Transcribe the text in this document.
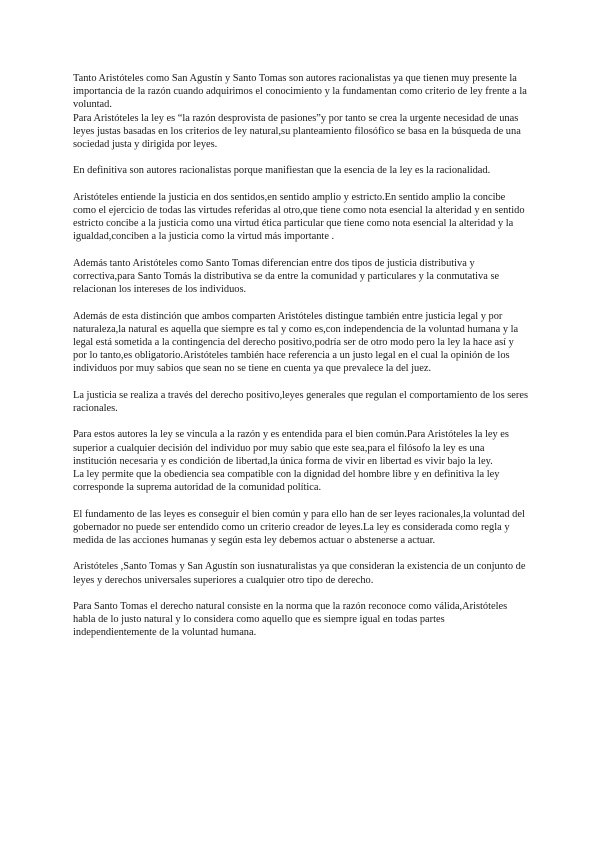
Tanto Aristóteles como San Agustín y Santo Tomas son autores racionalistas ya que tienen muy presente la importancia de la razón cuando adquirimos el conocimiento y la fundamentan como criterio de ley frente a la voluntad.

Para Aristóteles la ley es “la razón desprovista de pasiones”y por tanto se crea la urgente necesidad de unas leyes justas basadas en los criterios de ley natural,su planteamiento filosófico se basa en la búsqueda de una sociedad justa y dirigida por leyes.

En definitiva son autores racionalistas porque manifiestan que la esencia de la ley es la racionalidad.

Aristóteles entiende la justicia en dos sentidos,en sentido amplio y estricto.En sentido amplio la concibe como el ejercicio de todas las virtudes referidas al otro,que tiene como nota esencial la alteridad y en sentido estricto concibe a la justicia como una virtud ética particular que tiene como nota esencial la alteridad y la igualdad,conciben a la justicia como la virtud más importante .

Además tanto Aristóteles como Santo Tomas diferencian entre dos tipos de justicia distributiva y correctiva,para Santo Tomás la distributiva se da entre la comunidad y particulares y la conmutativa se relacionan los intereses de los individuos.

Además de esta distinción que ambos comparten Aristóteles distingue también entre justicia legal y por naturaleza,la natural es aquella que siempre es tal y como es,con independencia de la voluntad humana y la legal está sometida a la contingencia del derecho positivo,podría ser de otro modo pero la ley la hace así y por lo tanto,es obligatorio.Aristóteles también hace referencia a un justo legal en el cual la opinión de los individuos por muy sabios que sean no se tiene en cuenta ya que prevalece la del juez.

La justicia se realiza a través del derecho positivo,leyes generales que regulan el comportamiento de los seres racionales.

Para estos autores la ley se vincula a la razón y es entendida para el bien común.Para Aristóteles la ley es superior a cualquier decisión del individuo por muy sabio que este sea,para el filósofo la ley es una institución necesaria y es condición de libertad,la única forma de vivir en libertad es vivir bajo la ley.

La ley permite que la obediencia sea compatible con la dignidad del hombre libre y en definitiva la ley corresponde la suprema autoridad de la comunidad política.

El fundamento de las leyes es conseguir el bien común y para ello han de ser leyes racionales,la voluntad del gobernador no puede ser entendido como un criterio creador de leyes.La ley es considerada como regla y medida de las acciones humanas y según esta ley debemos actuar o abstenerse a actuar.

Aristóteles ,Santo Tomas y San Agustín son iusnaturalistas ya que consideran la existencia de un conjunto de leyes y derechos universales superiores a cualquier otro tipo de derecho.

Para Santo Tomas el derecho natural consiste en la norma que la razón reconoce como válida,Aristóteles habla de lo justo natural y lo considera como aquello que es siempre igual en todas partes independientemente de la voluntad humana.
